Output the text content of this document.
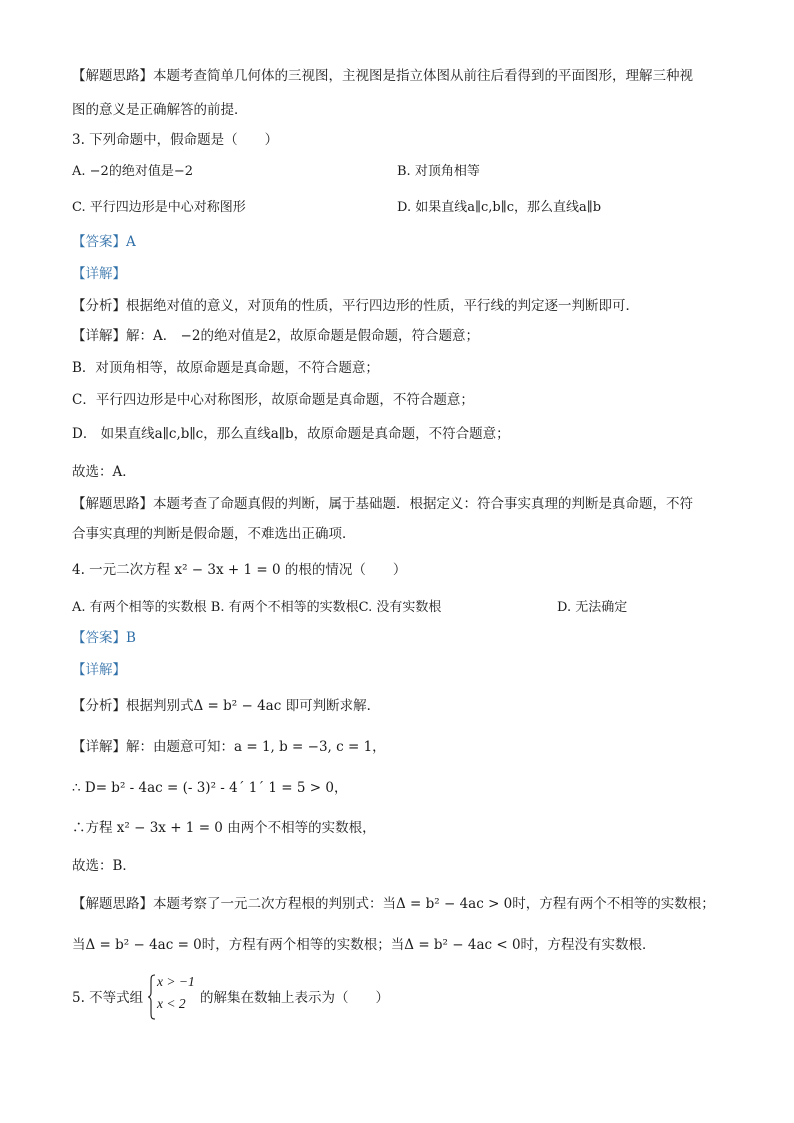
【解题思路】本题考查简单几何体的三视图，主视图是指立体图从前往后看得到的平面图形，理解三种视
图的意义是正确解答的前提．
3. 下列命题中，假命题是（　　）
A. −2的绝对值是−2	B. 对顶角相等
C. 平行四边形是中心对称图形	D. 如果直线a∥c,b∥c，那么直线a∥b
【答案】A
【详解】
【分析】根据绝对值的意义，对顶角的性质，平行四边形的性质，平行线的判定逐一判断即可．
【详解】解：A． −2的绝对值是2，故原命题是假命题，符合题意；
B．对顶角相等，故原命题是真命题，不符合题意；
C．平行四边形是中心对称图形，故原命题是真命题，不符合题意；
D． 如果直线a∥c,b∥c，那么直线a∥b，故原命题是真命题，不符合题意；
故选：A．
【解题思路】本题考查了命题真假的判断，属于基础题．根据定义：符合事实真理的判断是真命题，不符
合事实真理的判断是假命题，不难选出正确项．
4. 一元二次方程 x² − 3x + 1 = 0 的根的情况（　　）
A. 有两个相等的实数根 B. 有两个不相等的实数根C. 没有实数根	D. 无法确定
【答案】B
【详解】
【分析】根据判别式Δ = b² − 4ac 即可判断求解．
【详解】解：由题意可知：a = 1, b = −3, c = 1，
∴ D= b² - 4ac = (- 3)² - 4´ 1´ 1 = 5 > 0，
∴方程 x² − 3x + 1 = 0 由两个不相等的实数根，
故选：B．
【解题思路】本题考察了一元二次方程根的判别式：当Δ = b² − 4ac > 0时，方程有两个不相等的实数根；
当Δ = b² − 4ac = 0时，方程有两个相等的实数根；当Δ = b² − 4ac < 0时，方程没有实数根．
5. 不等式组
x > −1
x < 2 的解集在数轴上表示为（　　）
